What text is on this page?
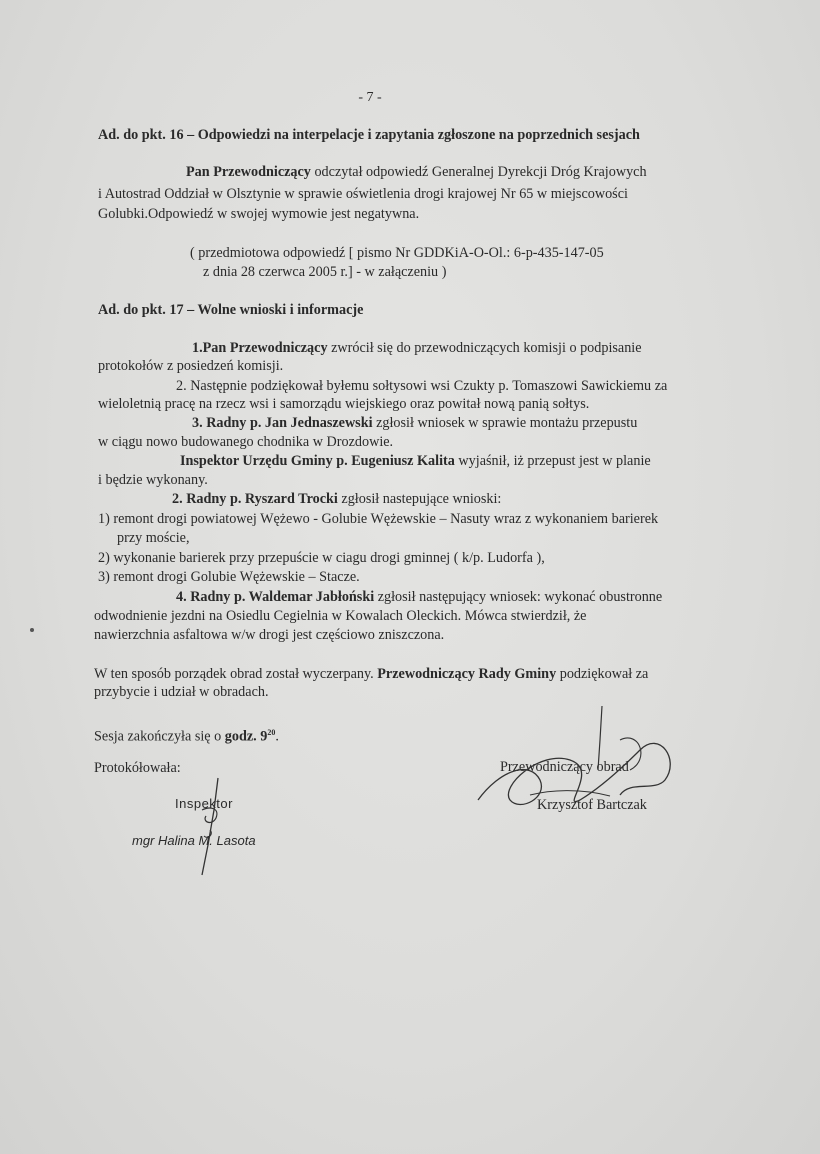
- 7 -
Ad. do pkt. 16 – Odpowiedzi na interpelacje i zapytania zgłoszone na poprzednich sesjach
Pan Przewodniczący odczytał odpowiedź Generalnej Dyrekcji Dróg Krajowych
i Autostrad Oddział w Olsztynie w sprawie oświetlenia drogi krajowej Nr 65 w miejscowości
Golubki.Odpowiedź w swojej wymowie jest negatywna.
( przedmiotowa odpowiedź [ pismo Nr GDDKiA-O-Ol.: 6-p-435-147-05
z dnia 28 czerwca 2005 r.] - w załączeniu )
Ad. do pkt. 17 – Wolne wnioski i informacje
1.Pan Przewodniczący zwrócił się do przewodniczących komisji o podpisanie
protokołów z posiedzeń komisji.
2. Następnie podziękował byłemu sołtysowi wsi Czukty p. Tomaszowi Sawickiemu za
wieloletnią pracę na rzecz wsi i samorządu wiejskiego oraz powitał nową panią sołtys.
3. Radny p. Jan Jednaszewski zgłosił wniosek w sprawie montażu przepustu
w ciągu nowo budowanego chodnika w Drozdowie.
Inspektor Urzędu Gminy p. Eugeniusz Kalita wyjaśnił, iż przepust jest w planie
i będzie wykonany.
2. Radny p. Ryszard Trocki zgłosił nastepujące wnioski:
1) remont drogi powiatowej Wężewo - Golubie Wężewskie – Nasuty wraz z wykonaniem barierek
przy moście,
2) wykonanie barierek przy przepuście w ciagu drogi gminnej ( k/p. Ludorfa ),
3) remont drogi Golubie Wężewskie – Stacze.
4. Radny p. Waldemar Jabłoński zgłosił następujący wniosek: wykonać obustronne
odwodnienie jezdni na Osiedlu Cegielnia w Kowalach Oleckich. Mówca stwierdził, że
nawierzchnia asfaltowa w/w drogi jest częściowo zniszczona.
W ten sposób porządek obrad został wyczerpany. Przewodniczący Rady Gminy podziękował za
przybycie i udział w obradach.
Sesja zakończyła się o godz. $9^{20}$.
Protokółowała:
Inspektor
mgr Halina M. Lasota
Przewodniczący obrad
Krzysztof Bartczak
